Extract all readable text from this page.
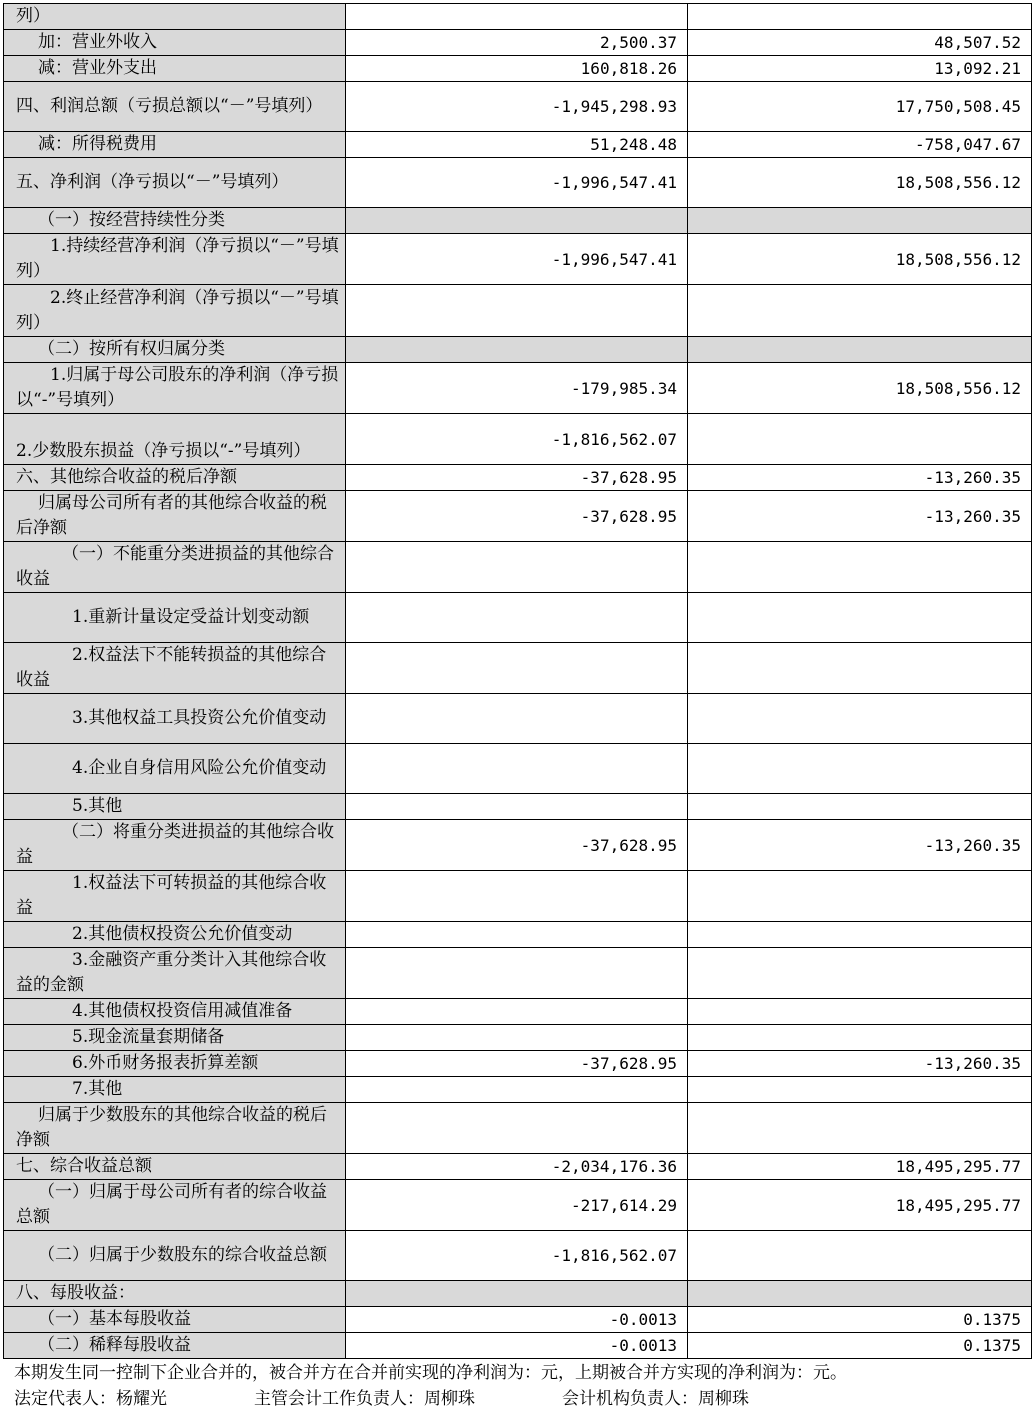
列）		
加：营业外收入	2,500.37	48,507.52
减：营业外支出	160,818.26	13,092.21
四、利润总额（亏损总额以“－”号填列）	-1,945,298.93	17,750,508.45
减：所得税费用	51,248.48	-758,047.67
五、净利润（净亏损以“－”号填列）	-1,996,547.41	18,508,556.12
（一）按经营持续性分类		
1.持续经营净利润（净亏损以“－”号填列）	-1,996,547.41	18,508,556.12
2.终止经营净利润（净亏损以“－”号填列）		
（二）按所有权归属分类		
1.归属于母公司股东的净利润（净亏损以“-”号填列）	-179,985.34	18,508,556.12
2.少数股东损益（净亏损以“-”号填列）	-1,816,562.07	
六、其他综合收益的税后净额	-37,628.95	-13,260.35
归属母公司所有者的其他综合收益的税后净额	-37,628.95	-13,260.35
（一）不能重分类进损益的其他综合收益		
1.重新计量设定受益计划变动额		
2.权益法下不能转损益的其他综合收益		
3.其他权益工具投资公允价值变动		
4.企业自身信用风险公允价值变动		
5.其他		
（二）将重分类进损益的其他综合收益	-37,628.95	-13,260.35
1.权益法下可转损益的其他综合收益		
2.其他债权投资公允价值变动		
3.金融资产重分类计入其他综合收益的金额		
4.其他债权投资信用减值准备		
5.现金流量套期储备		
6.外币财务报表折算差额	-37,628.95	-13,260.35
7.其他		
归属于少数股东的其他综合收益的税后净额		
七、综合收益总额	-2,034,176.36	18,495,295.77
（一）归属于母公司所有者的综合收益总额	-217,614.29	18,495,295.77
（二）归属于少数股东的综合收益总额	-1,816,562.07	
八、每股收益：		
（一）基本每股收益	-0.0013	0.1375
（二）稀释每股收益	-0.0013	0.1375
本期发生同一控制下企业合并的，被合并方在合并前实现的净利润为：元，上期被合并方实现的净利润为：元。
法定代表人：杨耀光	主管会计工作负责人：周柳珠	会计机构负责人：周柳珠
